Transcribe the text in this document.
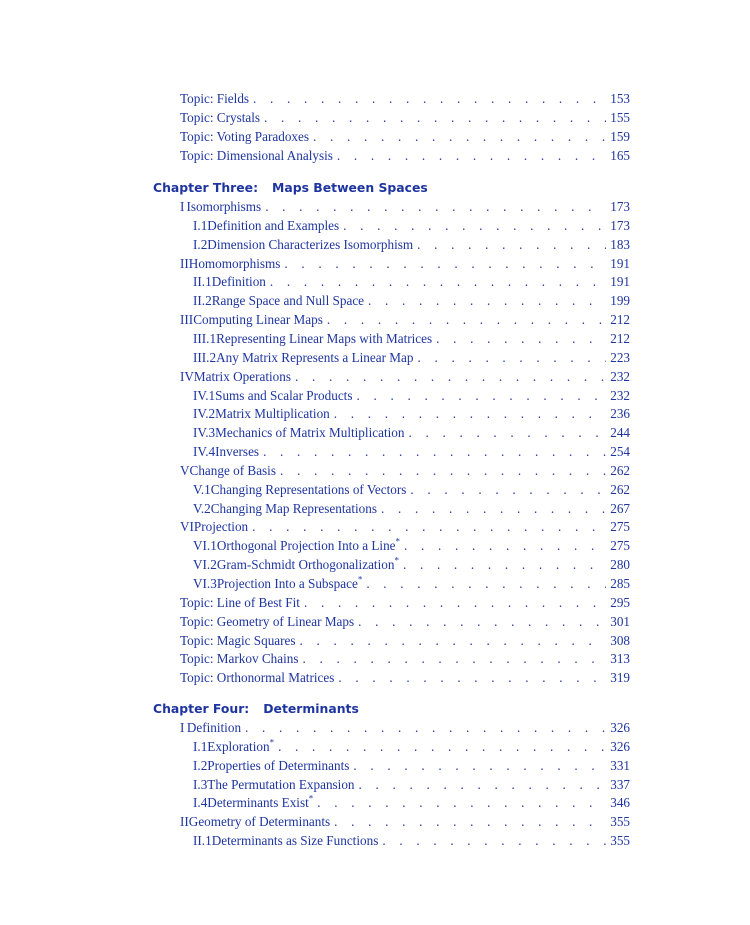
Topic: Fields . . .	153
Topic: Crystals . . .	155
Topic: Voting Paradoxes . . .	159
Topic: Dimensional Analysis . . .	165
Chapter Three: Maps Between Spaces
I Isomorphisms . . .	173
I.1 Definition and Examples . . .	173
I.2 Dimension Characterizes Isomorphism . . .	183
II Homomorphisms . . .	191
II.1 Definition . . .	191
II.2 Range Space and Null Space . . .	199
III Computing Linear Maps . . .	212
III.1 Representing Linear Maps with Matrices . . .	212
III.2 Any Matrix Represents a Linear Map . . .	223
IV Matrix Operations . . .	232
IV.1 Sums and Scalar Products . . .	232
IV.2 Matrix Multiplication . . .	236
IV.3 Mechanics of Matrix Multiplication . . .	244
IV.4 Inverses . . .	254
V Change of Basis . . .	262
V.1 Changing Representations of Vectors . . .	262
V.2 Changing Map Representations . . .	267
VI Projection . . .	275
VI.1 Orthogonal Projection Into a Line* . . .	275
VI.2 Gram-Schmidt Orthogonalization* . . .	280
VI.3 Projection Into a Subspace* . . .	285
Topic: Line of Best Fit . . .	295
Topic: Geometry of Linear Maps . . .	301
Topic: Magic Squares . . .	308
Topic: Markov Chains . . .	313
Topic: Orthonormal Matrices . . .	319
Chapter Four: Determinants
I Definition . . .	326
I.1 Exploration* . . .	326
I.2 Properties of Determinants . . .	331
I.3 The Permutation Expansion . . .	337
I.4 Determinants Exist* . . .	346
II Geometry of Determinants . . .	355
II.1 Determinants as Size Functions . . .	355
